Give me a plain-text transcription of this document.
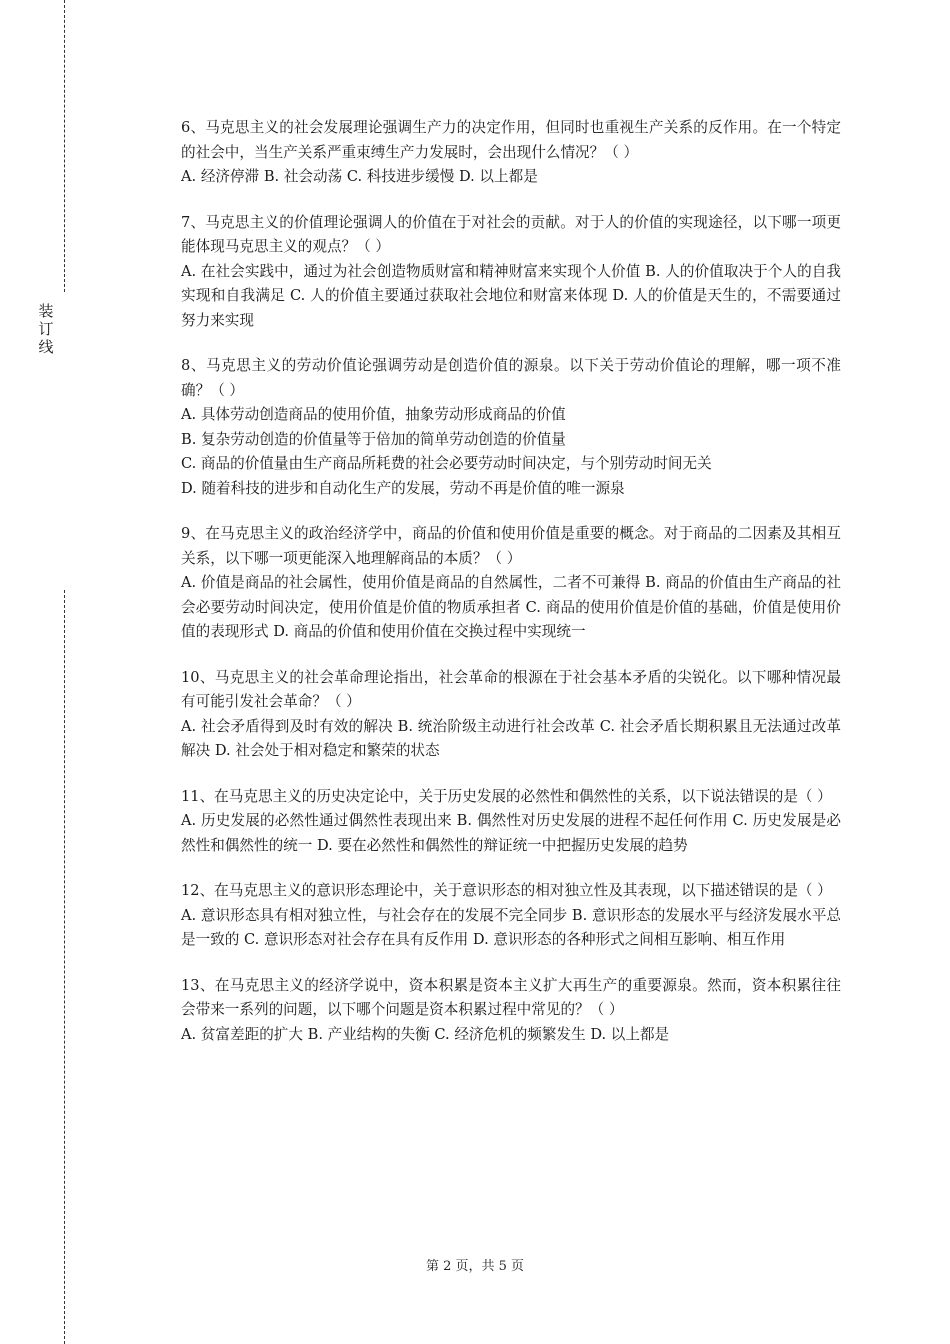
装
订
线
6、马克思主义的社会发展理论强调生产力的决定作用，但同时也重视生产关系的反作用。在一个特定的社会中，当生产关系严重束缚生产力发展时，会出现什么情况？（ ）
A. 经济停滞 B. 社会动荡 C. 科技进步缓慢 D. 以上都是
7、马克思主义的价值理论强调人的价值在于对社会的贡献。对于人的价值的实现途径，以下哪一项更能体现马克思主义的观点？（ ）
A. 在社会实践中，通过为社会创造物质财富和精神财富来实现个人价值 B. 人的价值取决于个人的自我实现和自我满足 C. 人的价值主要通过获取社会地位和财富来体现 D. 人的价值是天生的，不需要通过努力来实现
8、马克思主义的劳动价值论强调劳动是创造价值的源泉。以下关于劳动价值论的理解，哪一项不准确？（ ）
A. 具体劳动创造商品的使用价值，抽象劳动形成商品的价值
B. 复杂劳动创造的价值量等于倍加的简单劳动创造的价值量
C. 商品的价值量由生产商品所耗费的社会必要劳动时间决定，与个别劳动时间无关
D. 随着科技的进步和自动化生产的发展，劳动不再是价值的唯一源泉
9、在马克思主义的政治经济学中，商品的价值和使用价值是重要的概念。对于商品的二因素及其相互关系，以下哪一项更能深入地理解商品的本质？（ ）
A. 价值是商品的社会属性，使用价值是商品的自然属性，二者不可兼得 B. 商品的价值由生产商品的社会必要劳动时间决定，使用价值是价值的物质承担者 C. 商品的使用价值是价值的基础，价值是使用价值的表现形式 D. 商品的价值和使用价值在交换过程中实现统一
10、马克思主义的社会革命理论指出，社会革命的根源在于社会基本矛盾的尖锐化。以下哪种情况最有可能引发社会革命？（ ）
A. 社会矛盾得到及时有效的解决 B. 统治阶级主动进行社会改革 C. 社会矛盾长期积累且无法通过改革解决 D. 社会处于相对稳定和繁荣的状态
11、在马克思主义的历史决定论中，关于历史发展的必然性和偶然性的关系，以下说法错误的是（ ）
A. 历史发展的必然性通过偶然性表现出来 B. 偶然性对历史发展的进程不起任何作用 C. 历史发展是必然性和偶然性的统一 D. 要在必然性和偶然性的辩证统一中把握历史发展的趋势
12、在马克思主义的意识形态理论中，关于意识形态的相对独立性及其表现，以下描述错误的是（ ）
A. 意识形态具有相对独立性，与社会存在的发展不完全同步 B. 意识形态的发展水平与经济发展水平总是一致的 C. 意识形态对社会存在具有反作用 D. 意识形态的各种形式之间相互影响、相互作用
13、在马克思主义的经济学说中，资本积累是资本主义扩大再生产的重要源泉。然而，资本积累往往会带来一系列的问题，以下哪个问题是资本积累过程中常见的？（ ）
A. 贫富差距的扩大 B. 产业结构的失衡 C. 经济危机的频繁发生 D. 以上都是
第 2 页，共 5 页
